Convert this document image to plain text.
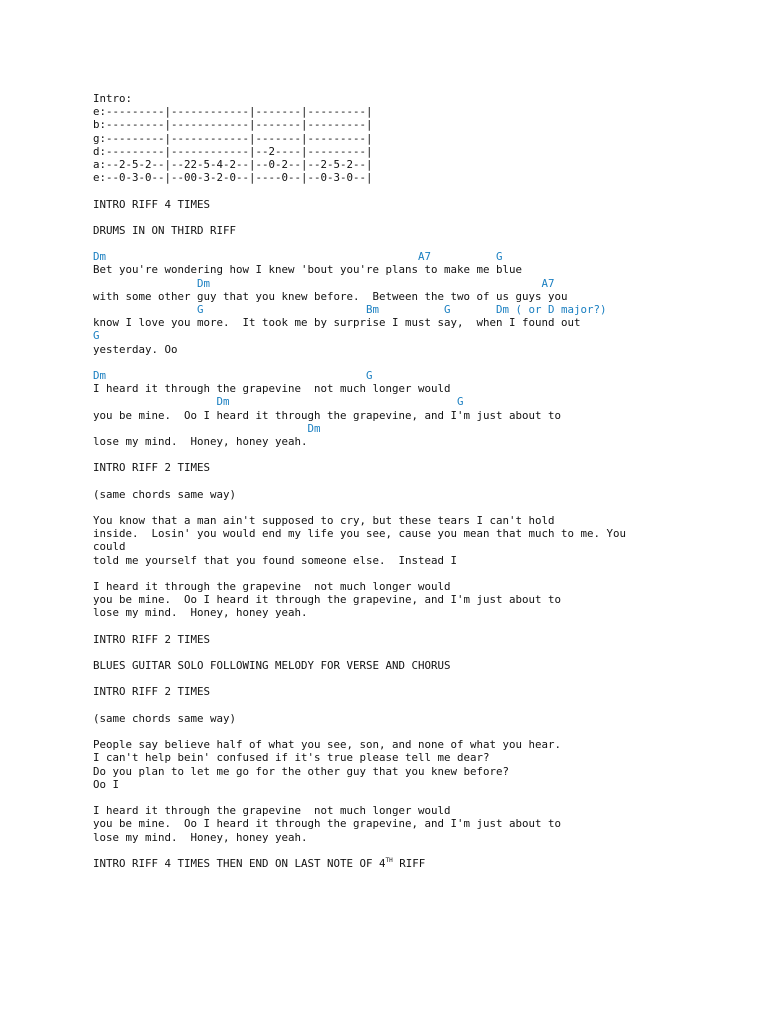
Intro:
e:---------|------------|-------|---------|
b:---------|------------|-------|---------|
g:---------|------------|-------|---------|
d:---------|------------|--2----|---------|
a:--2-5-2--|--22-5-4-2--|--0-2--|--2-5-2--|
e:--0-3-0--|--00-3-2-0--|----0--|--0-3-0--|
INTRO RIFF 4 TIMES
DRUMS IN ON THIRD RIFF
Dm                                                A7          G
Bet you're wondering how I knew 'bout you're plans to make me blue
Dm                                                   A7
with some other guy that you knew before.  Between the two of us guys you
G                         Bm          G       Dm ( or D major?)
know I love you more.  It took me by surprise I must say,  when I found out
G
yesterday. Oo
Dm                                        G
I heard it through the grapevine  not much longer would
Dm                                   G
you be mine.  Oo I heard it through the grapevine, and I'm just about to
Dm
lose my mind.  Honey, honey yeah.
INTRO RIFF 2 TIMES
(same chords same way)
You know that a man ain't supposed to cry, but these tears I can't hold
inside.  Losin' you would end my life you see, cause you mean that much to me. You
could
told me yourself that you found someone else.  Instead I
I heard it through the grapevine  not much longer would
you be mine.  Oo I heard it through the grapevine, and I'm just about to
lose my mind.  Honey, honey yeah.
INTRO RIFF 2 TIMES
BLUES GUITAR SOLO FOLLOWING MELODY FOR VERSE AND CHORUS
INTRO RIFF 2 TIMES
(same chords same way)
People say believe half of what you see, son, and none of what you hear.
I can't help bein' confused if it's true please tell me dear?
Do you plan to let me go for the other guy that you knew before?
Oo I
I heard it through the grapevine  not much longer would
you be mine.  Oo I heard it through the grapevine, and I'm just about to
lose my mind.  Honey, honey yeah.
INTRO RIFF 4 TIMES THEN END ON LAST NOTE OF 4TH RIFF
